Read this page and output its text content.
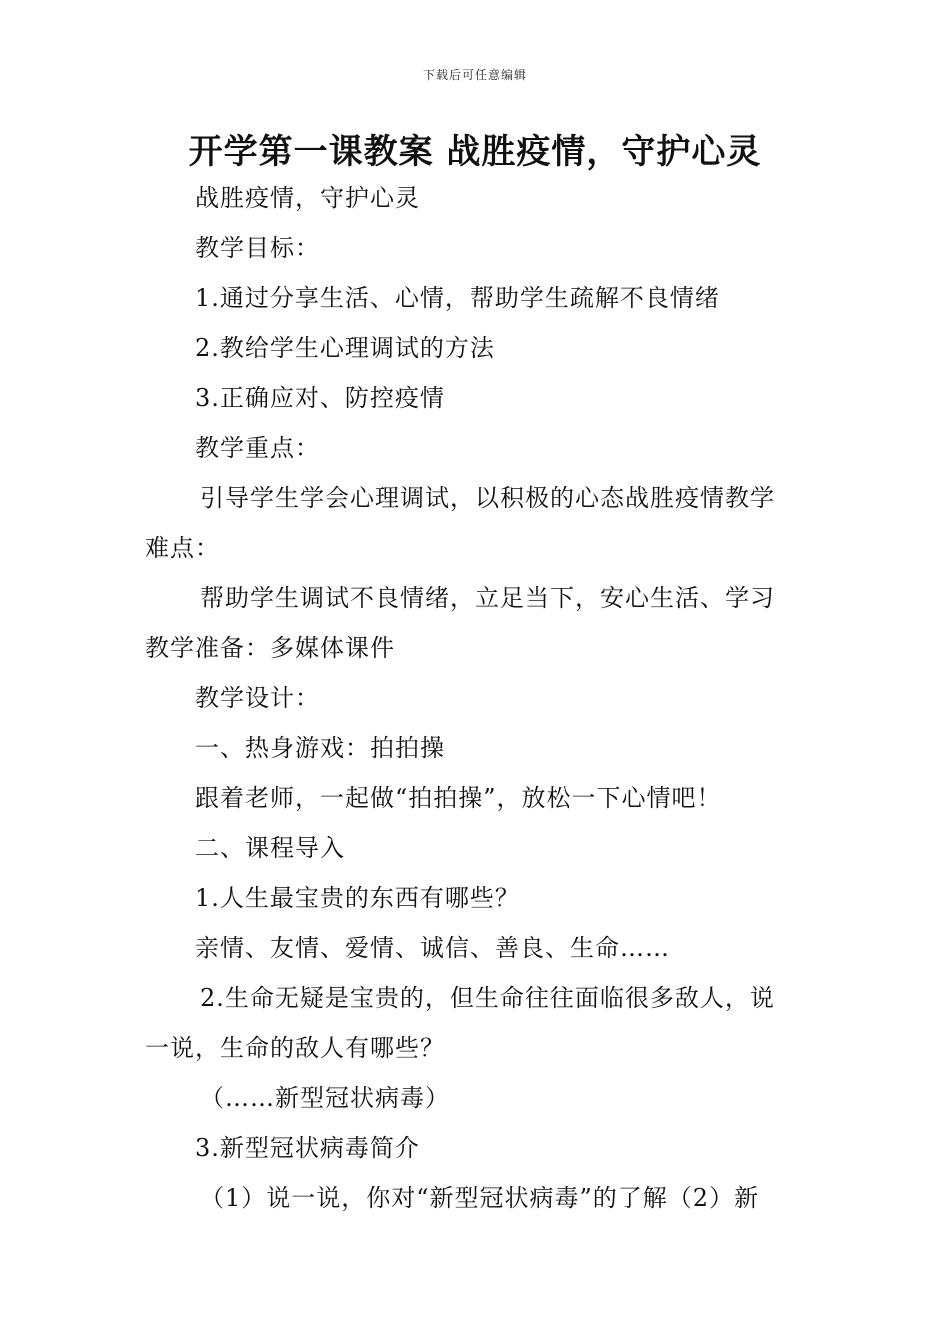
下载后可任意编辑
开学第一课教案 战胜疫情，守护心灵
战胜疫情，守护心灵
教学目标：
1.通过分享生活、心情，帮助学生疏解不良情绪
2.教给学生心理调试的方法
3.正确应对、防控疫情
教学重点：
引导学生学会心理调试，以积极的心态战胜疫情教学
难点：
帮助学生调试不良情绪，立足当下，安心生活、学习
教学准备：多媒体课件
教学设计：
一、热身游戏：拍拍操
跟着老师，一起做“拍拍操”，放松一下心情吧！
二、课程导入
1.人生最宝贵的东西有哪些？
亲情、友情、爱情、诚信、善良、生命……
2.生命无疑是宝贵的，但生命往往面临很多敌人，说
一说，生命的敌人有哪些？
（……新型冠状病毒）
3.新型冠状病毒简介
（1）说一说，你对“新型冠状病毒”的了解（2）新
